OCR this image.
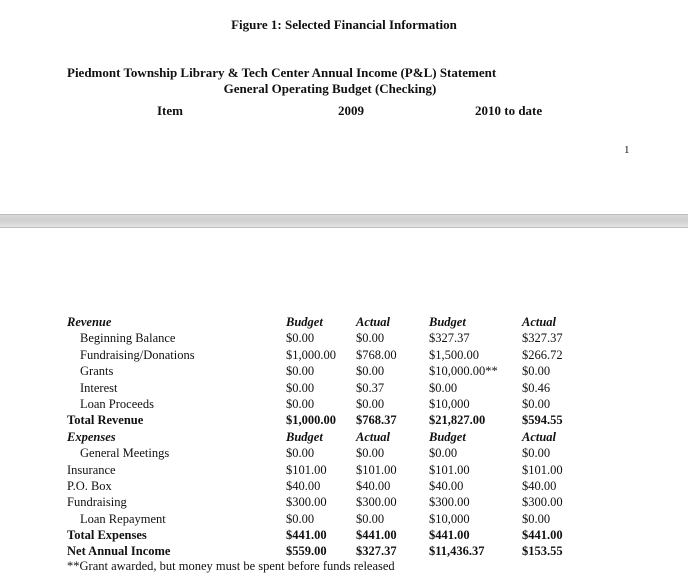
Figure 1: Selected Financial Information
Piedmont Township Library & Tech Center Annual Income (P&L) Statement
General Operating Budget (Checking)
Item	2009	2010 to date
1
Revenue	Budget	Actual	Budget	Actual
Beginning Balance	$0.00	$0.00	$327.37	$327.37
Fundraising/Donations	$1,000.00 $768.00	$1,500.00	$266.72
Grants	$0.00	$0.00	$10,000.00** $0.00
Interest	$0.00	$0.37	$0.00	$0.46
Loan Proceeds	$0.00	$0.00	$10,000	$0.00
Total Revenue	$1,000.00 $768.37	$21,827.00	$594.55
Expenses	Budget	Actual	Budget	Actual
General Meetings	$0.00	$0.00	$0.00	$0.00
Insurance	$101.00 $101.00	$101.00	$101.00
P.O. Box	$40.00	$40.00	$40.00	$40.00
Fundraising	$300.00 $300.00	$300.00	$300.00
Loan Repayment	$0.00	$0.00	$10,000	$0.00
Total Expenses	$441.00 $441.00	$441.00	$441.00
Net Annual Income	$559.00 $327.37	$11,436.37	$153.55
**Grant awarded, but money must be spent before funds released
